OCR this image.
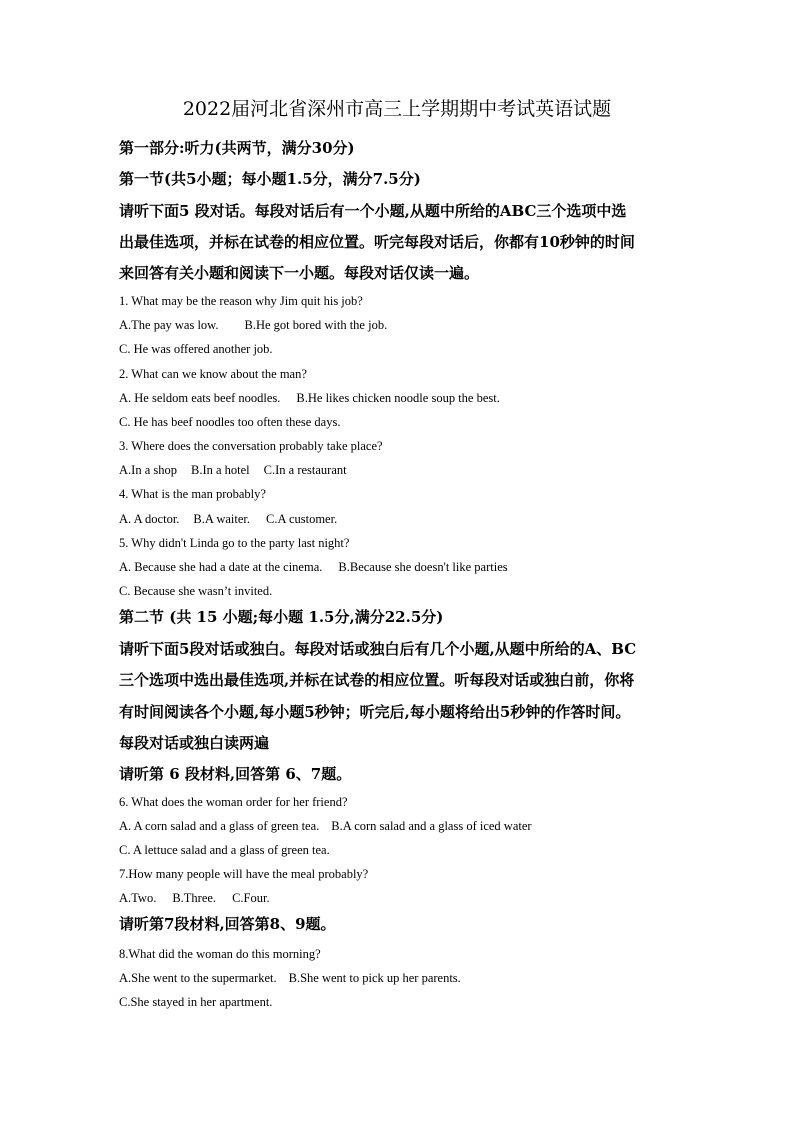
2022届河北省深州市高三上学期期中考试英语试题
第一部分:听力(共两节，满分30分)
第一节(共5小题；每小题1.5分，满分7.5分)
请听下面5 段对话。每段对话后有一个小题,从题中所给的ABC三个选项中选
出最佳选项，并标在试卷的相应位置。听完每段对话后，你都有10秒钟的时间
来回答有关小题和阅读下一小题。每段对话仅读一遍。
1. What may be the reason why Jim quit his job?
A.The pay was low. B.He got bored with the job.
C. He was offered another job.
2. What can we know about the man?
A. He seldom eats beef noodles. B.He likes chicken noodle soup the best.
C. He has beef noodles too often these days.
3. Where does the conversation probably take place?
A.In a shop B.In a hotel C.In a restaurant
4. What is the man probably?
A. A doctor. B.A waiter. C.A customer.
5. Why didn't Linda go to the party last night?
A. Because she had a date at the cinema. B.Because she doesn't like parties
C. Because she wasn’t invited.
第二节 (共 15 小题;每小题 1.5分,满分22.5分)
请听下面5段对话或独白。每段对话或独白后有几个小题,从题中所给的A、BC
三个选项中选出最佳选项,并标在试卷的相应位置。听每段对话或独白前，你将
有时间阅读各个小题,每小题5秒钟；听完后,每小题将给出5秒钟的作答时间。
每段对话或独白读两遍
请听第 6 段材料,回答第 6、7题。
6. What does the woman order for her friend?
A. A corn salad and a glass of green tea. B.A corn salad and a glass of iced water
C. A lettuce salad and a glass of green tea.
7.How many people will have the meal probably?
A.Two. B.Three. C.Four.
请听第7段材料,回答第8、9题。
8.What did the woman do this morning?
A.She went to the supermarket. B.She went to pick up her parents.
C.She stayed in her apartment.
